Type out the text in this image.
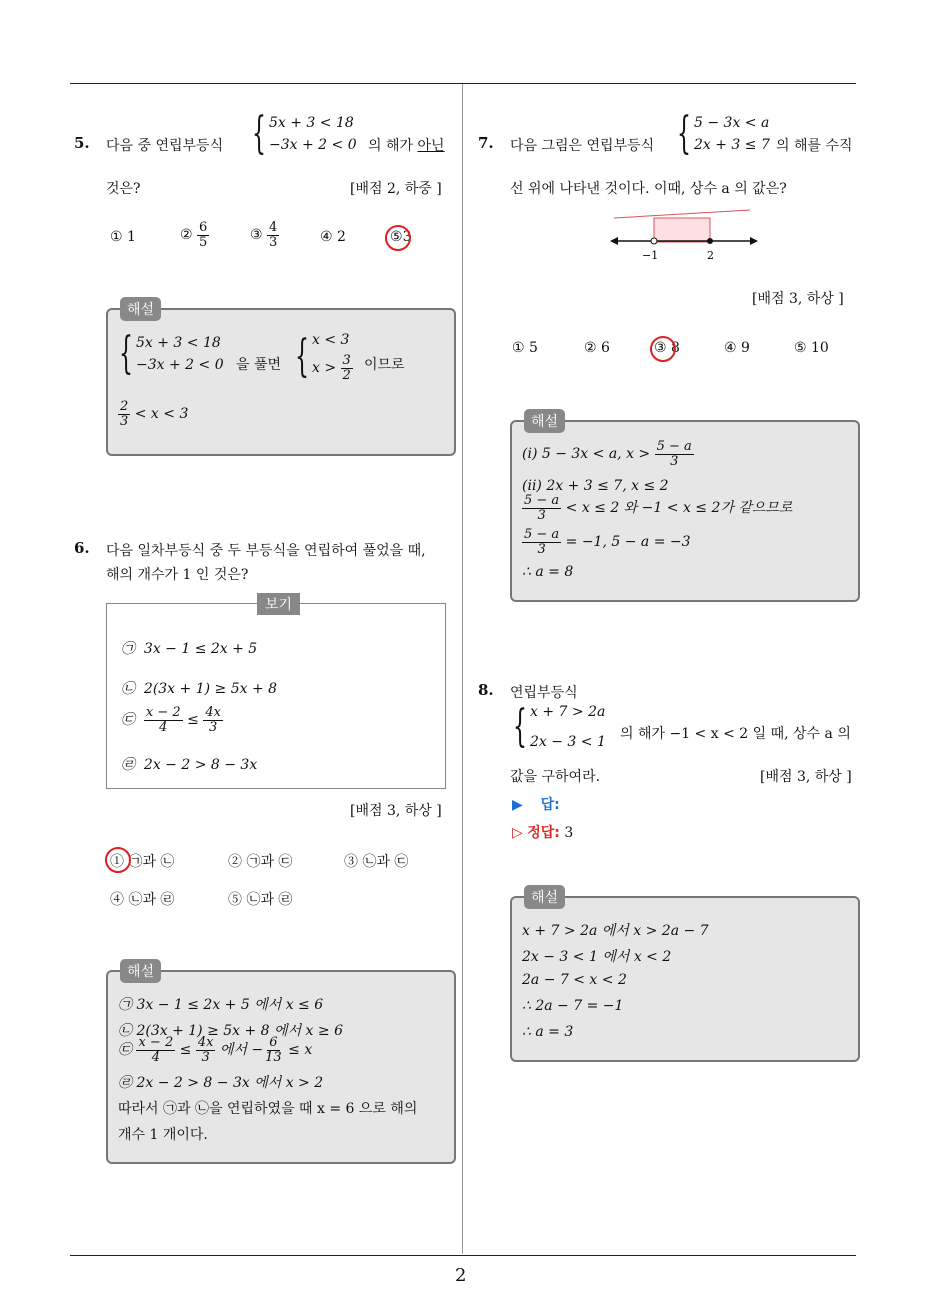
2
5. 다음 중 연립부등식 { 5x + 3 < 18
−3x + 2 < 0 의 해가 아닌
것은?	[배점 2, 하중 ]
① 1	② $\frac{6}{5}$	③ $\frac{4}{3}$	④ 2	⑤3
해설
{ 5x + 3 < 18
−3x + 2 < 0 을 풀면 { x < 3
$x > \frac{3}{2}$ 이므로
$\frac{2}{3} < x < 3$
6. 다음 일차부등식 중 두 부등식을 연립하여 풀었을 때,
해의 개수가 1 인 것은?
보기
㉠ 3x − 1 ≤ 2x + 5
㉡ 2(3x + 1) ≥ 5x + 8
㉢ $\frac{x - 2}{4} \le \frac{4x}{3}$
㉣ 2x − 2 > 8 − 3x
[배점 3, 하상 ]
① ㉠과 ㉡	② ㉠과 ㉢	③ ㉡과 ㉢
④ ㉡과 ㉣	⑤ ㉡과 ㉣
해설
㉠ 3x − 1 ≤ 2x + 5 에서 x ≤ 6
㉡ 2(3x + 1) ≥ 5x + 8 에서 x ≥ 6
㉢ $\frac{x - 2}{4} \le \frac{4x}{3}$ 에서 − $\frac{6}{13} \le x$
㉣ 2x − 2 > 8 − 3x 에서 x > 2
따라서 ㉠과 ㉡을 연립하였을 때 x = 6 으로 해의
개수 1 개이다.
7. 다음 그림은 연립부등식 { 5 − 3x < a
2x + 3 ≤ 7 의 해를 수직
선 위에 나타낸 것이다. 이때, 상수 a 의 값은?
−1	2
[배점 3, 하상 ]
① 5	② 6	③ 8	④ 9	⑤ 10
해설
(ⅰ) 5 − 3x < a, $x > \frac{5 - a}{3}$
(ⅱ) 2x + 3 ≤ 7, x ≤ 2
$\frac{5 - a}{3} < x \le 2$ 와 −1 < x ≤ 2가 같으므로
$\frac{5 - a}{3} = -1$, 5 − a = −3
∴ a = 8
8. 연립부등식
{ x + 7 > 2a
2x − 3 < 1 의 해가 −1 < x < 2 일 때, 상수 a 의
값을 구하여라.	[배점 3, 하상 ]
▶ 답:
▷ 정답: 3
해설
x + 7 > 2a 에서 x > 2a − 7
2x − 3 < 1 에서 x < 2
2a − 7 < x < 2
∴ 2a − 7 = −1
∴ a = 3
